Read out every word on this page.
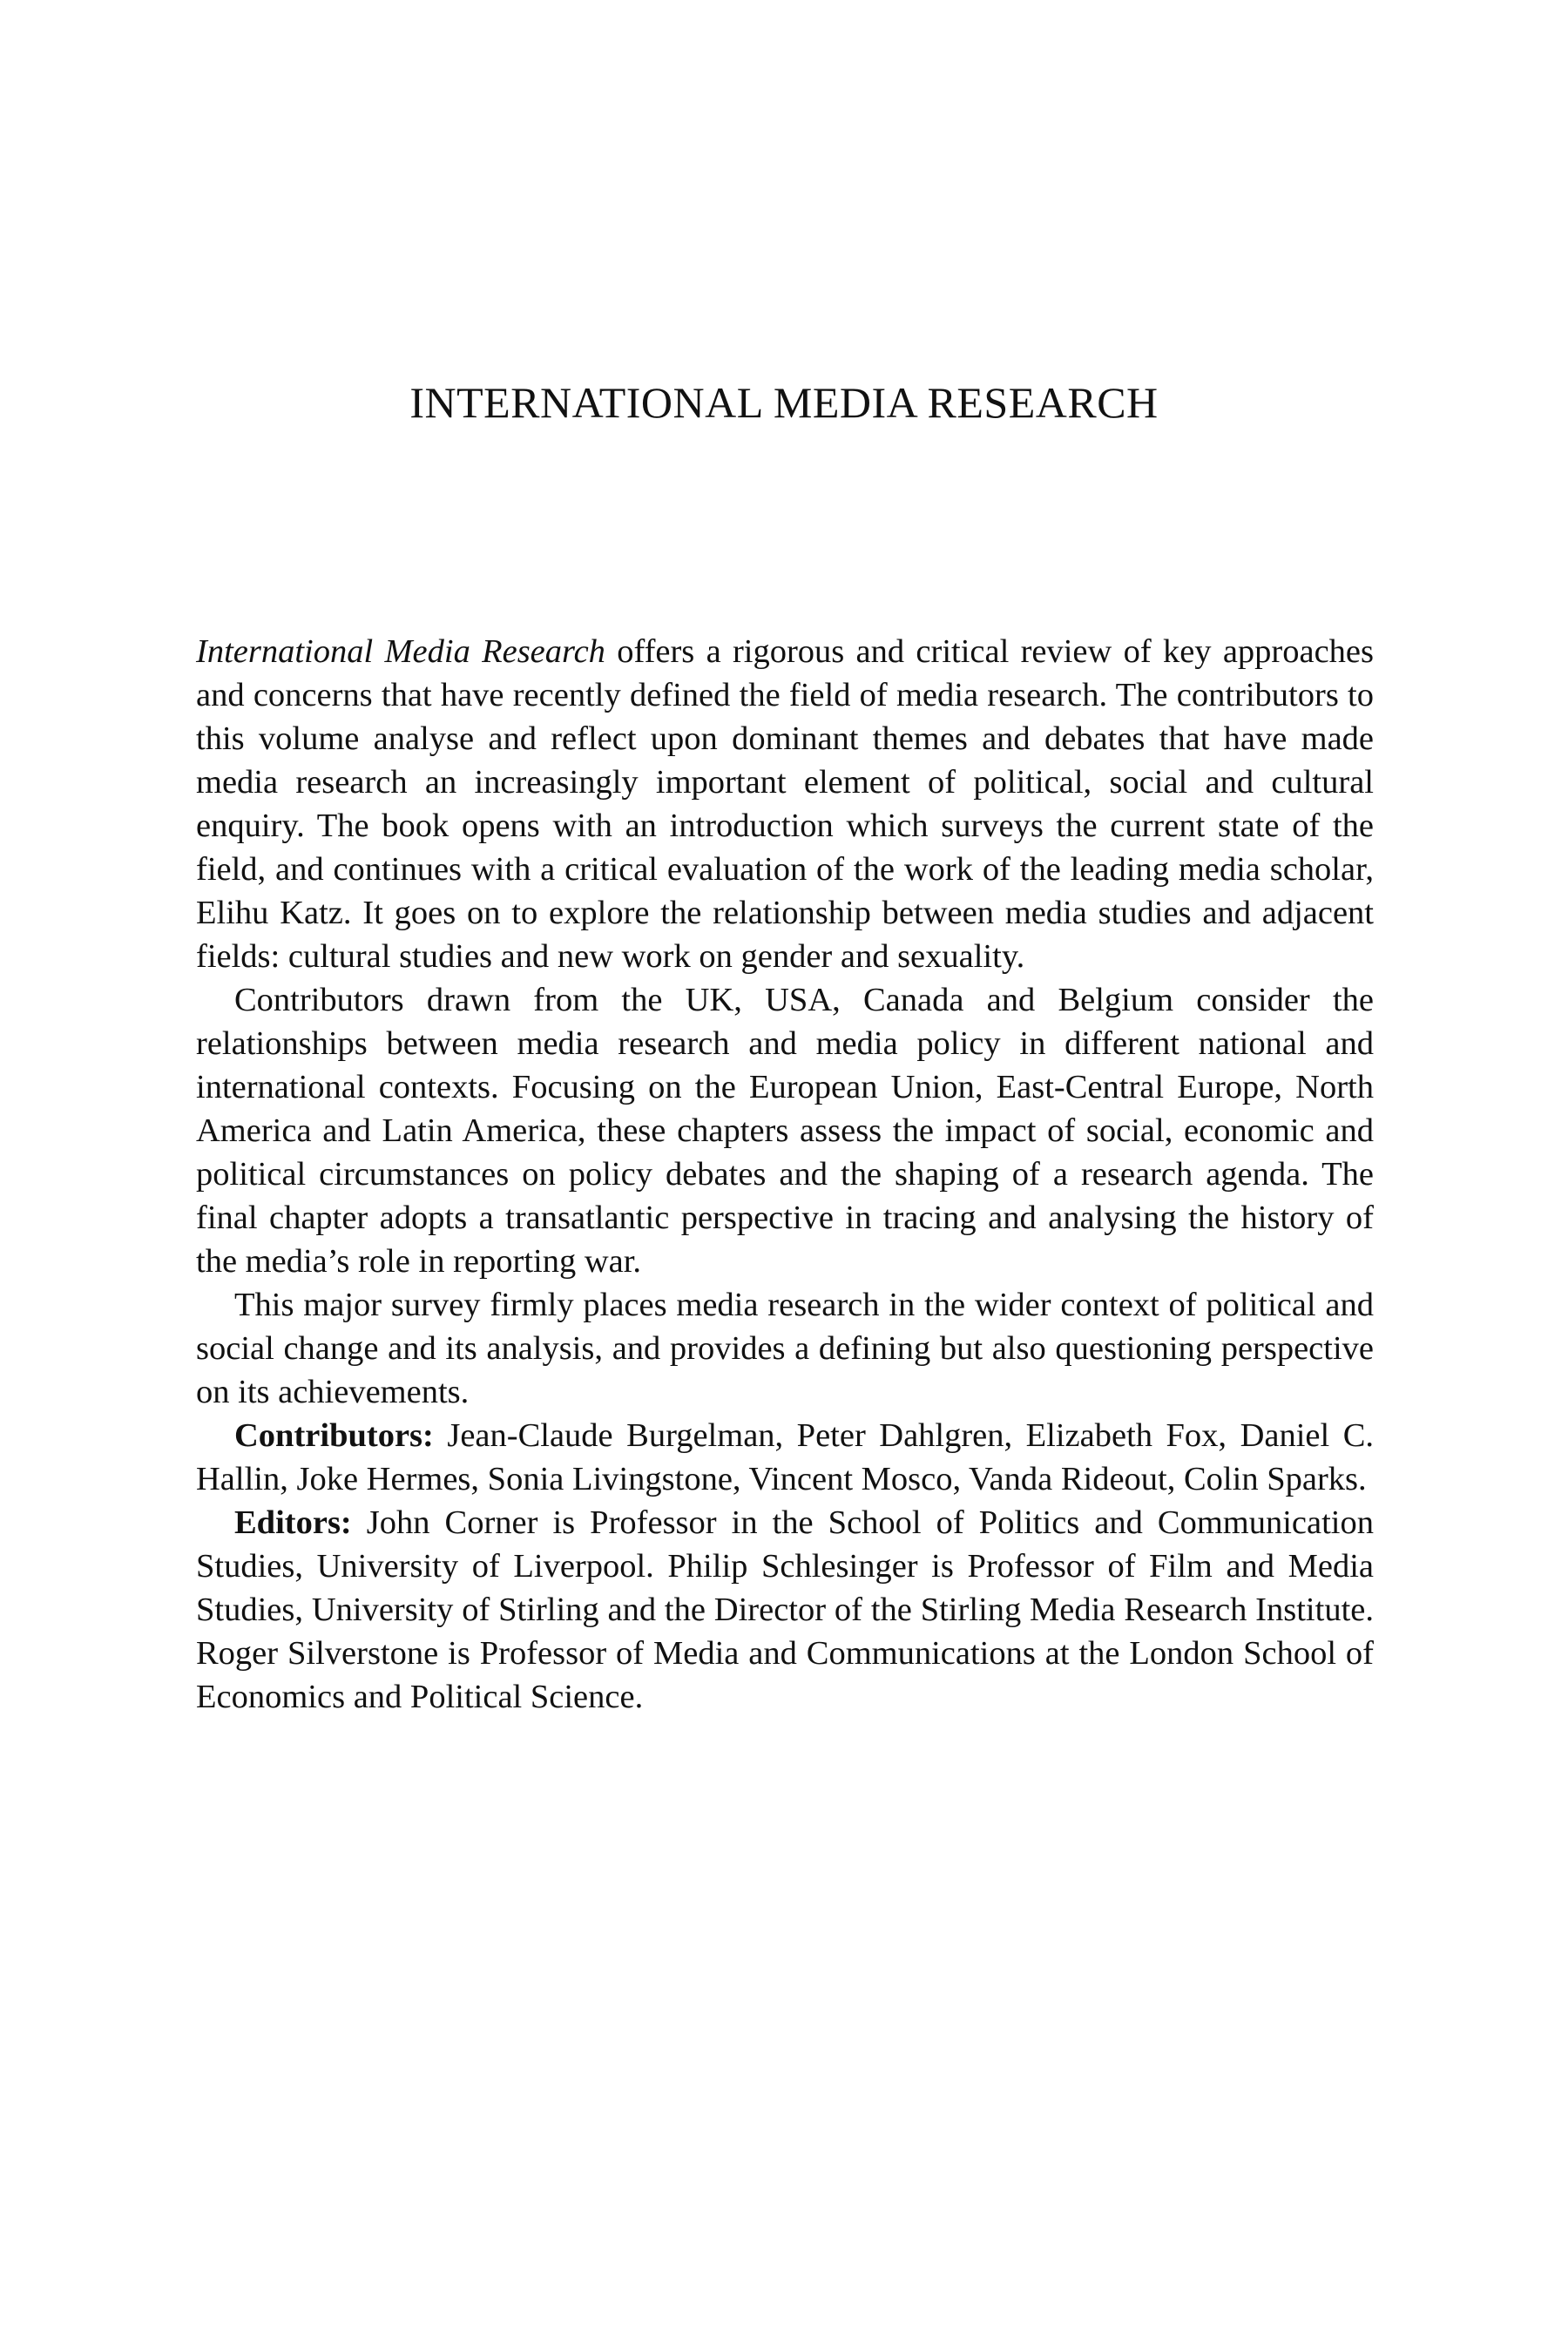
INTERNATIONAL MEDIA RESEARCH

International Media Research offers a rigorous and critical review of key approaches and concerns that have recently defined the field of media research. The contributors to this volume analyse and reflect upon dominant themes and debates that have made media research an increasingly important element of political, social and cultural enquiry. The book opens with an introduction which surveys the current state of the field, and continues with a critical evaluation of the work of the leading media scholar, Elihu Katz. It goes on to explore the relationship between media studies and adjacent fields: cultural studies and new work on gender and sexuality.

Contributors drawn from the UK, USA, Canada and Belgium consider the relationships between media research and media policy in different national and international contexts. Focusing on the European Union, East-Central Europe, North America and Latin America, these chapters assess the impact of social, economic and political circumstances on policy debates and the shaping of a research agenda. The final chapter adopts a transatlantic perspective in tracing and analysing the history of the media’s role in reporting war.

This major survey firmly places media research in the wider context of political and social change and its analysis, and provides a defining but also questioning perspective on its achievements.

Contributors: Jean-Claude Burgelman, Peter Dahlgren, Elizabeth Fox, Daniel C. Hallin, Joke Hermes, Sonia Livingstone, Vincent Mosco, Vanda Rideout, Colin Sparks.

Editors: John Corner is Professor in the School of Politics and Communication Studies, University of Liverpool. Philip Schlesinger is Professor of Film and Media Studies, University of Stirling and the Director of the Stirling Media Research Institute. Roger Silverstone is Professor of Media and Communications at the London School of Economics and Political Science.
